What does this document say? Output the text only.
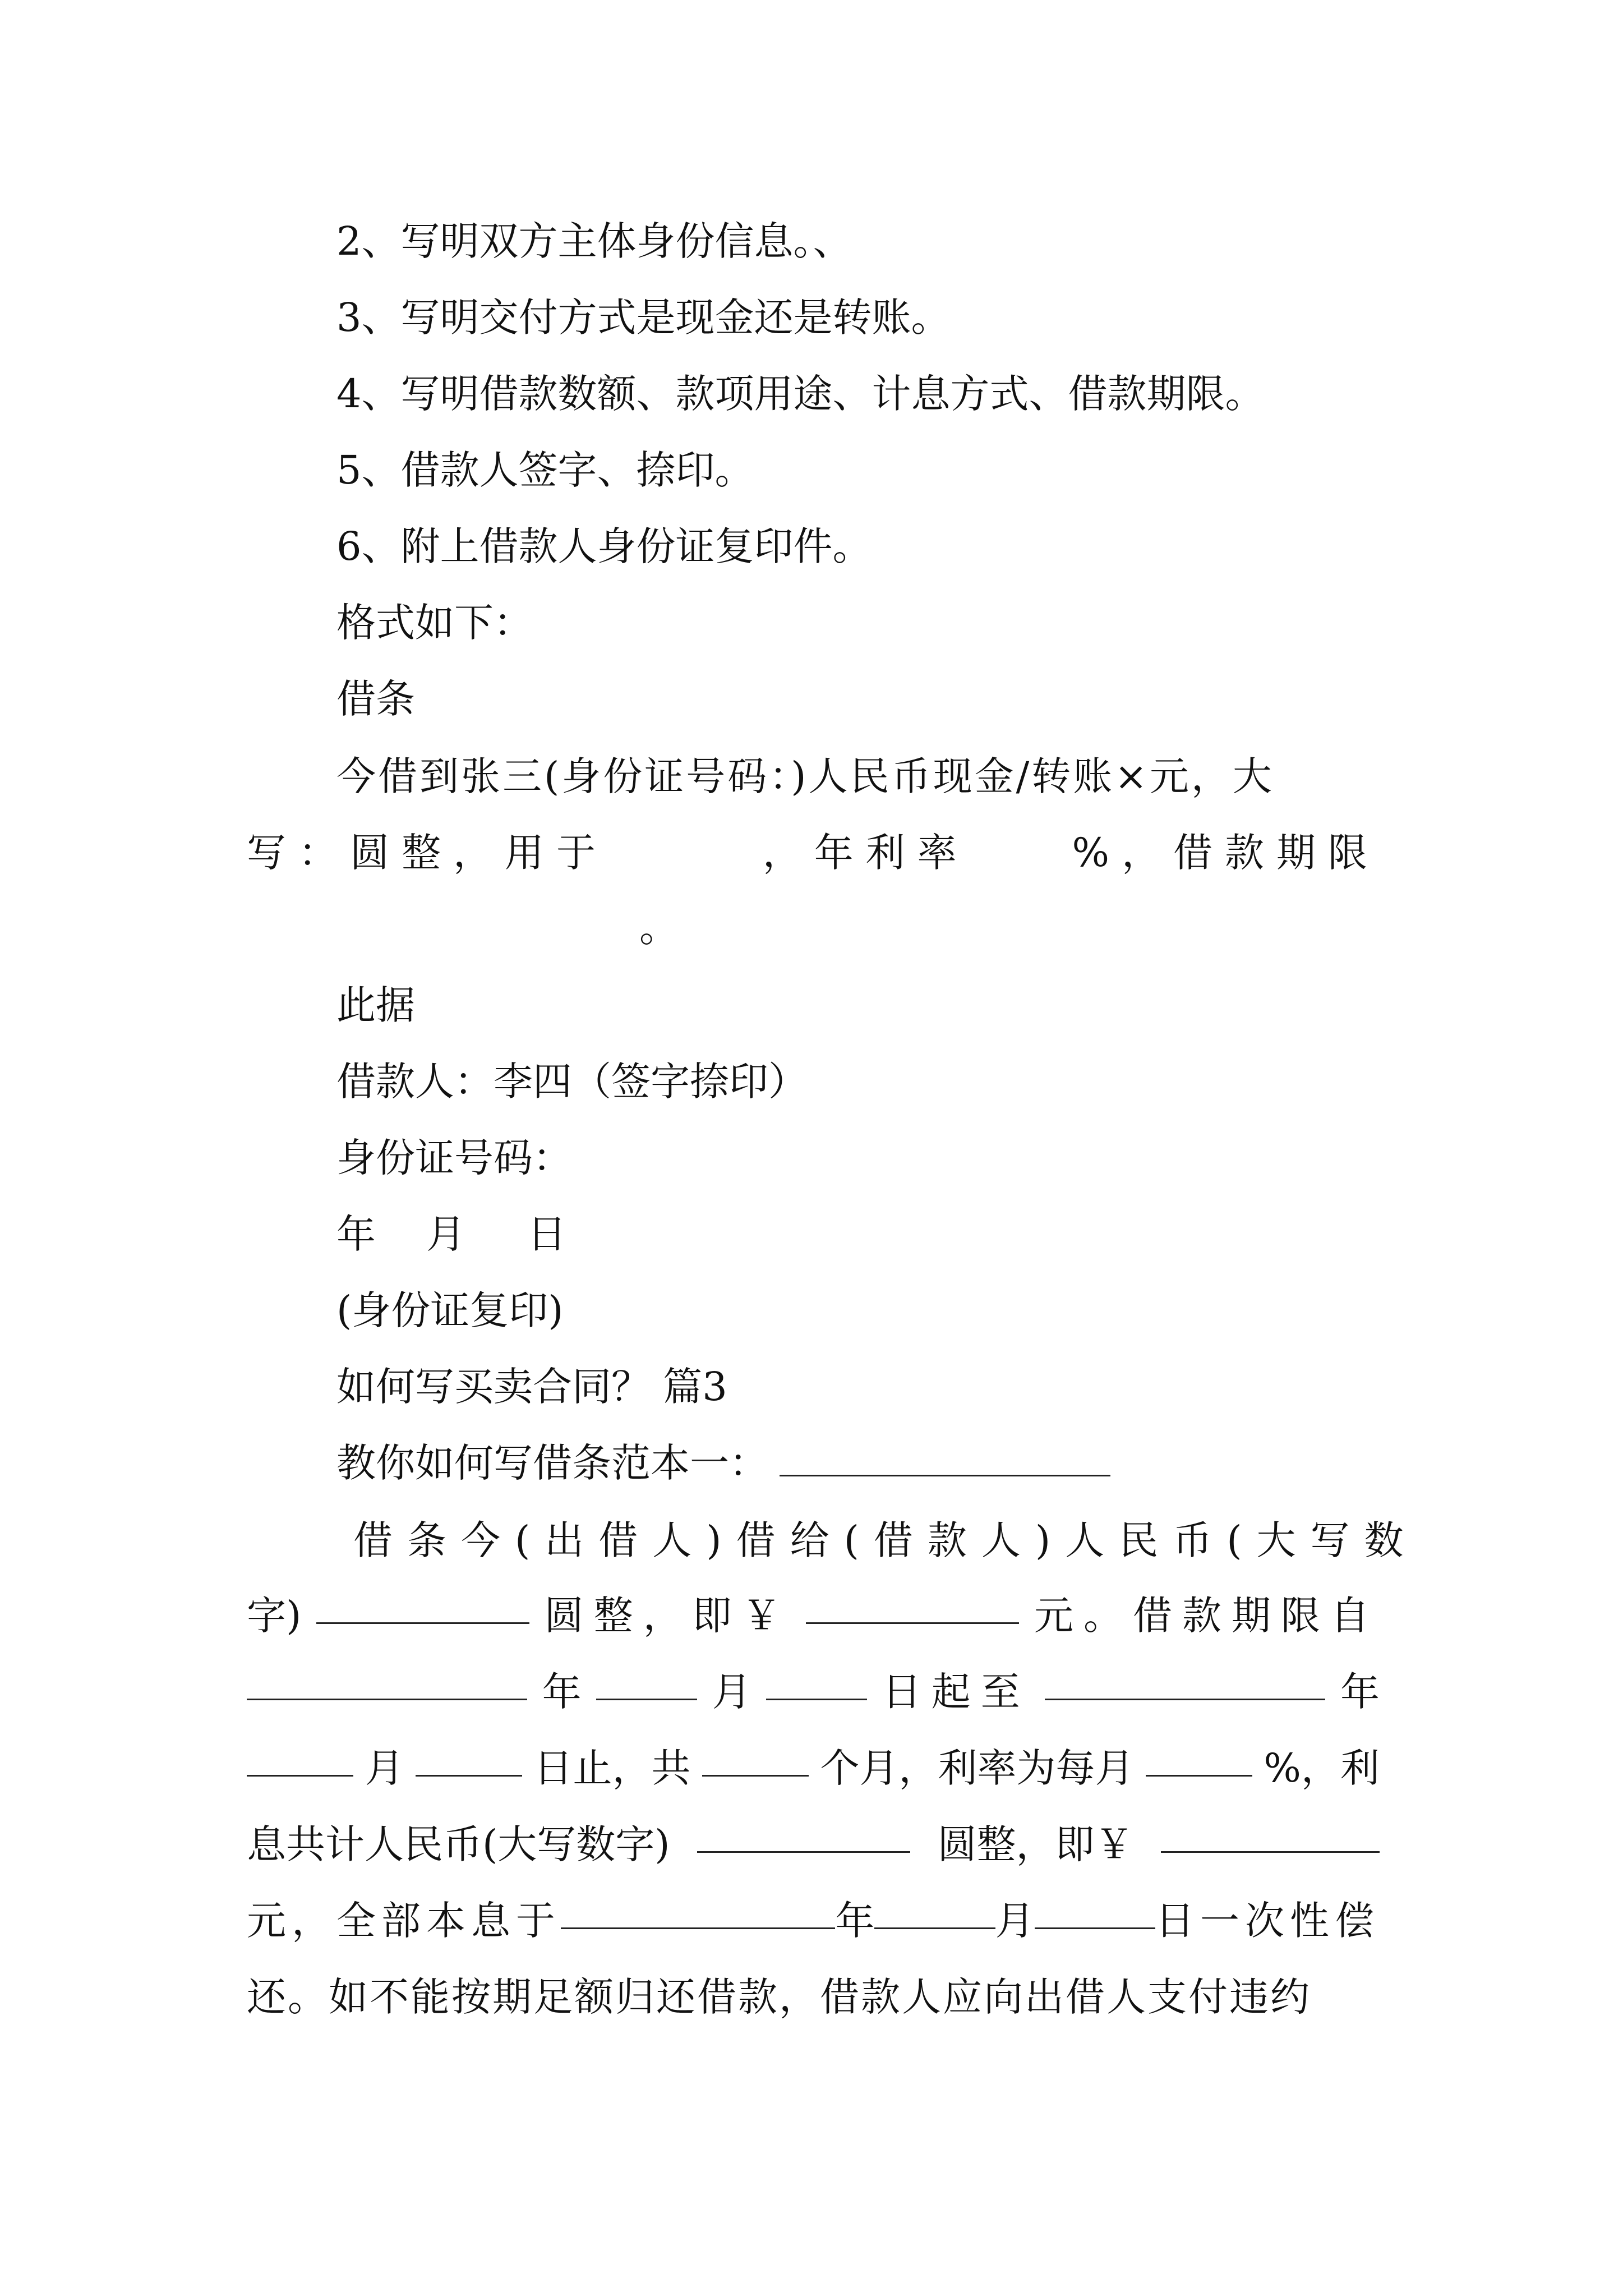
2、写明双方主体身份信息。、
3、写明交付方式是现金还是转账。
4、写明借款数额、款项用途、计息方式、借款期限。
5、借款人签字、捺印。
6、附上借款人身份证复印件。
格式如下：
借条
今借到张三(身份证号码：)人民币现金/转账×元，大
写：圆整，用于	，年利率	%，借款期限
。
此据
借款人：李四（签字捺印）
身份证号码：
年 月 日
(身份证复印)
如何写买卖合同？ 篇3
教你如何写借条范本一：
借条今(出借人)借给(借款人)人民币(大写数
字)	圆整，即￥	元。借款期限自
年	月	日起至	年
月	日止，共	个月，利率为每月	%，利
息共计人民币(大写数字)	圆整，即￥
元，全部本息于	年	月	日一次性偿
还。如不能按期足额归还借款，借款人应向出借人支付违约
